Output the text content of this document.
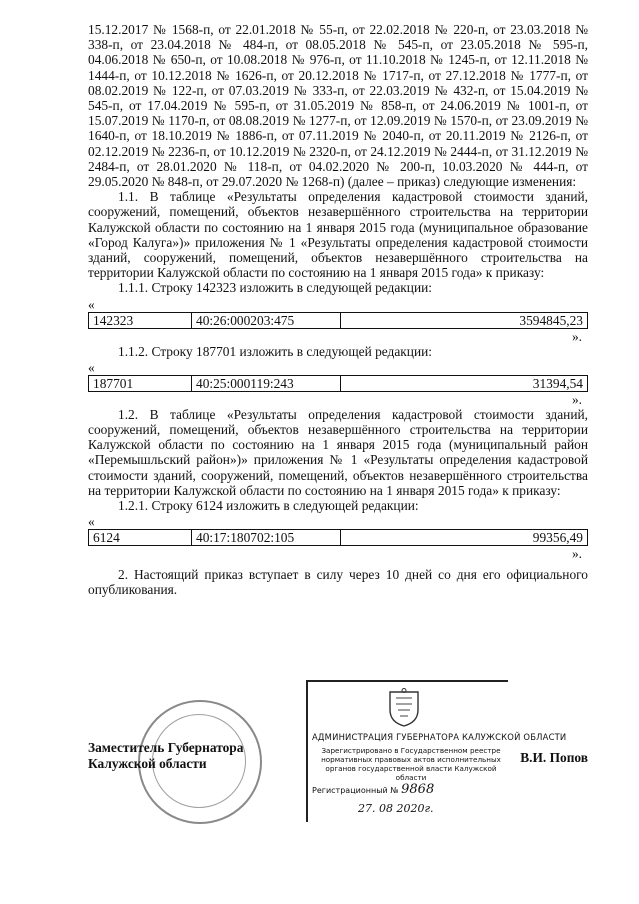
15.12.2017 № 1568-п, от 22.01.2018 № 55-п, от 22.02.2018 № 220-п, от 23.03.2018 № 338-п, от 23.04.2018 № 484-п, от 08.05.2018 № 545-п, от 23.05.2018 № 595-п, 04.06.2018 № 650-п, от 10.08.2018 № 976-п, от 11.10.2018 № 1245-п, от 12.11.2018 № 1444-п, от 10.12.2018 № 1626-п, от 20.12.2018 № 1717-п, от 27.12.2018 № 1777-п, от 08.02.2019 № 122-п, от 07.03.2019 № 333-п, от 22.03.2019 № 432-п, от 15.04.2019 № 545-п, от 17.04.2019 № 595-п, от 31.05.2019 № 858-п, от 24.06.2019 № 1001-п, от 15.07.2019 № 1170-п, от 08.08.2019 № 1277-п, от 12.09.2019 № 1570-п, от 23.09.2019 № 1640-п, от 18.10.2019 № 1886-п, от 07.11.2019 № 2040-п, от 20.11.2019 № 2126-п, от 02.12.2019 № 2236-п, от 10.12.2019 № 2320-п, от 24.12.2019 № 2444-п, от 31.12.2019 № 2484-п, от 28.01.2020 № 118-п, от 04.02.2020 № 200-п, 10.03.2020 № 444-п, от 29.05.2020 № 848-п, от 29.07.2020 № 1268-п) (далее – приказ) следующие изменения:

1.1. В таблице «Результаты определения кадастровой стоимости зданий, сооружений, помещений, объектов незавершённого строительства на территории Калужской области по состоянию на 1 января 2015 года (муниципальное образование «Город Калуга»)» приложения № 1 «Результаты определения кадастровой стоимости зданий, сооружений, помещений, объектов незавершённого строительства на территории Калужской области по состоянию на 1 января 2015 года» к приказу:

1.1.1. Строку 142323 изложить в следующей редакции:

«
142323	40:26:000203:475	3594845,23
».

1.1.2. Строку 187701 изложить в следующей редакции:

«
187701	40:25:000119:243	31394,54
».

1.2. В таблице «Результаты определения кадастровой стоимости зданий, сооружений, помещений, объектов незавершённого строительства на территории Калужской области по состоянию на 1 января 2015 года (муниципальный район «Перемышльский район»)» приложения № 1 «Результаты определения кадастровой стоимости зданий, сооружений, помещений, объектов незавершённого строительства на территории Калужской области по состоянию на 1 января 2015 года» к приказу:

1.2.1. Строку 6124 изложить в следующей редакции:

«
6124	40:17:180702:105	99356,49
».

2. Настоящий приказ вступает в силу через 10 дней со дня его официального опубликования.

АДМИНИСТРАЦИЯ ГУБЕРНАТОРА КАЛУЖСКОЙ ОБЛАСТИ
Зарегистрировано в Государственном реестре нормативных правовых актов исполнительных органов государственной власти Калужской области
Регистрационный № 9868
27. 08 2020г.
Заместитель Губернатора
Калужской области	В.И. Попов
